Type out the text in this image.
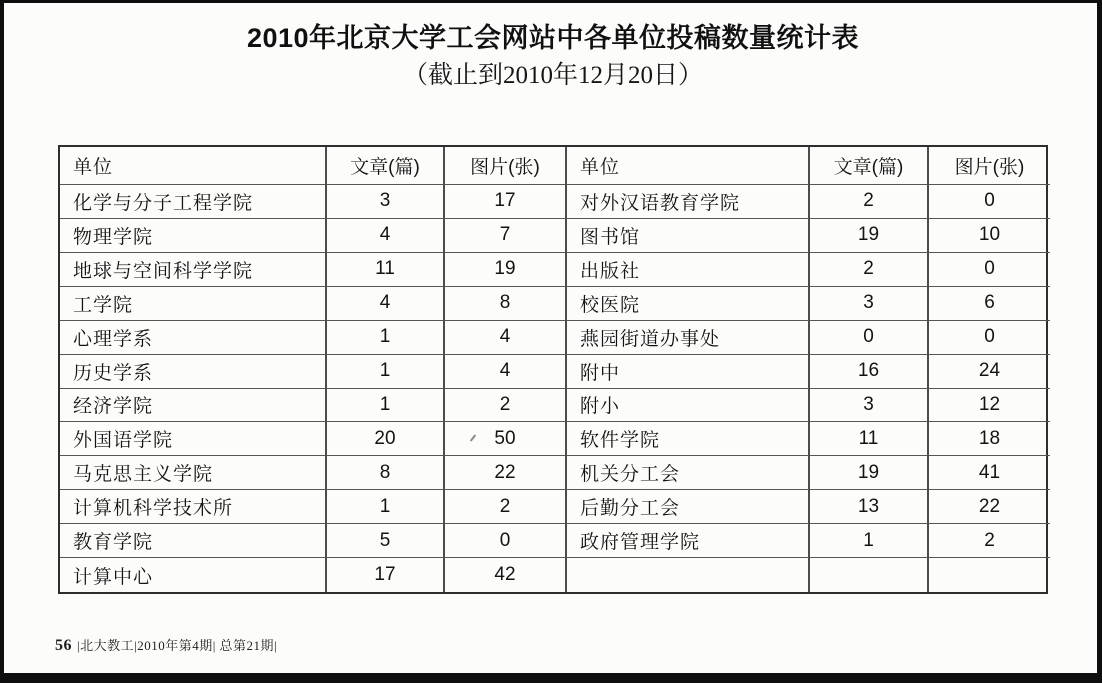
2010年北京大学工会网站中各单位投稿数量统计表
（截止到2010年12月20日）
单位	文章(篇)	图片(张)	单位	文章(篇)	图片(张)
化学与分子工程学院	3	17	对外汉语教育学院	2	0
物理学院	4	7	图书馆	19	10
地球与空间科学学院	11	19	出版社	2	0
工学院	4	8	校医院	3	6
心理学系	1	4	燕园街道办事处	0	0
历史学系	1	4	附中	16	24
经济学院	1	2	附小	3	12
外国语学院	20	50	软件学院	11	18
马克思主义学院	8	22	机关分工会	19	41
计算机科学技术所	1	2	后勤分工会	13	22
教育学院	5	0	政府管理学院	1	2
计算中心	17	42
56 |北大教工|2010年第4期| 总第21期|
